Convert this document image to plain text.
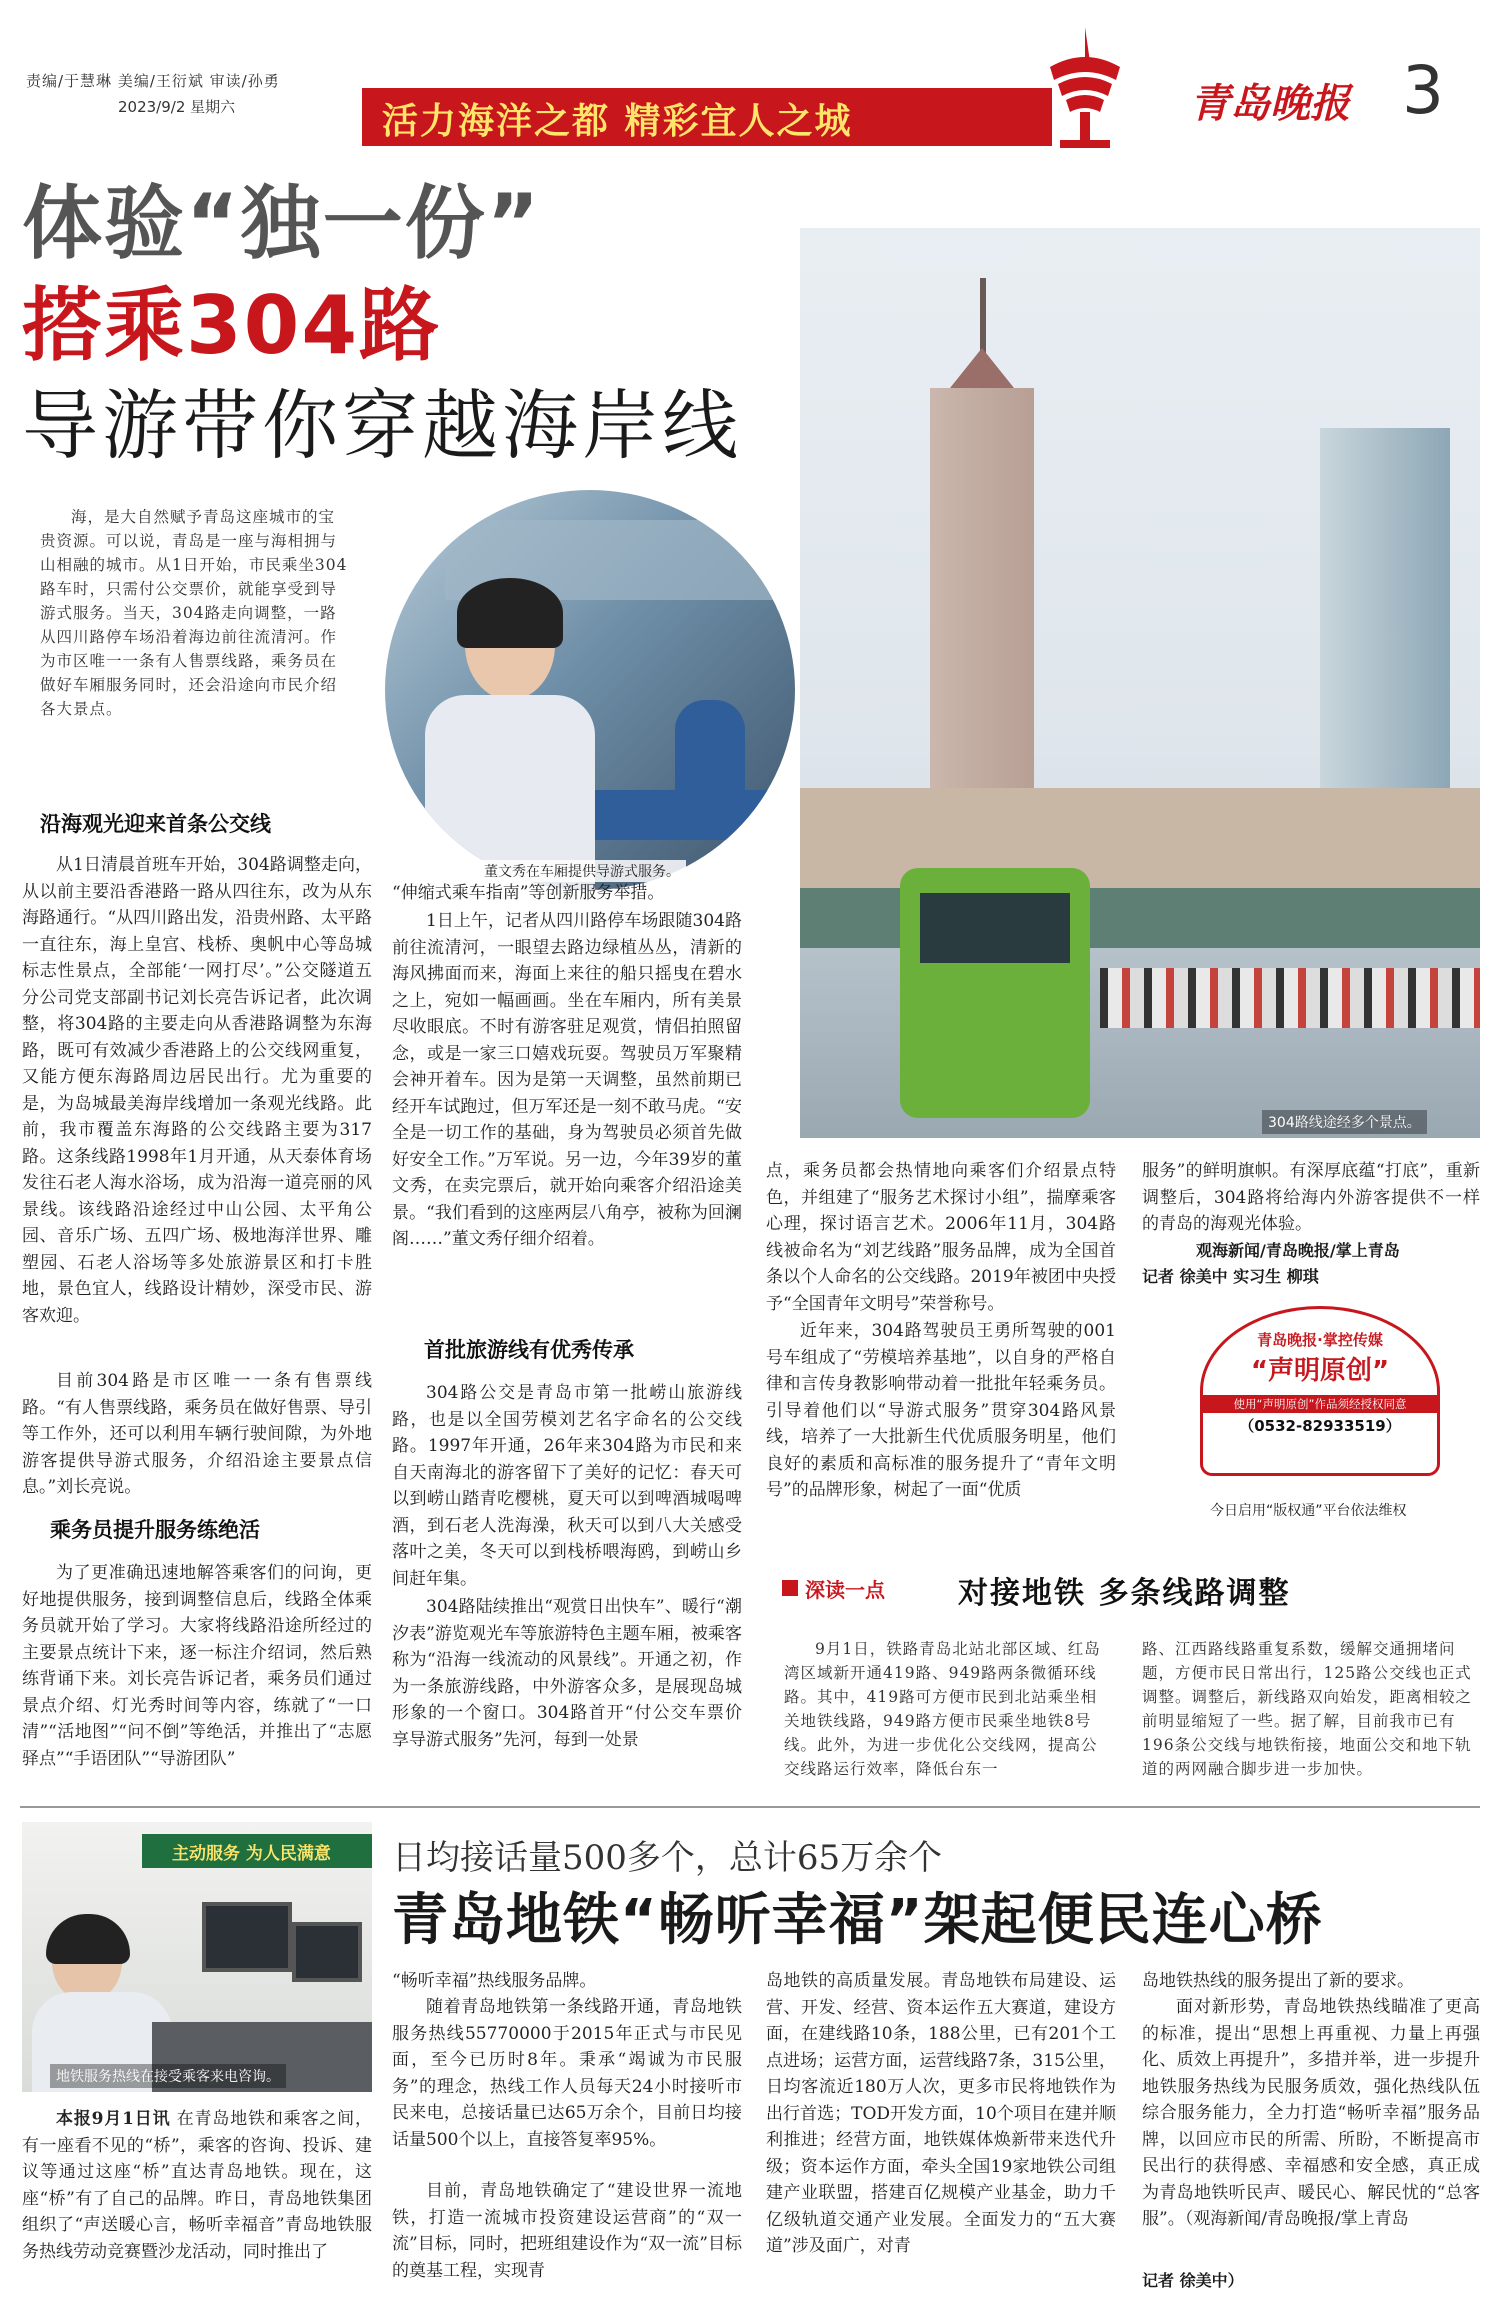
责编/于慧琳 美编/王衍斌 审读/孙勇
2023/9/2 星期六	活力海洋之都 精彩宜人之城	青岛晚报 3
体验“独一份”
搭乘304路
导游带你穿越海岸线
海，是大自然赋予青岛这座城市的宝贵资源。可以说，青岛是一座与海相拥与山相融的城市。从1日开始，市民乘坐304路车时，只需付公交票价，就能享受到导游式服务。当天，304路走向调整，一路从四川路停车场沿着海边前往流清河。作为市区唯一一条有人售票线路，乘务员在做好车厢服务同时，还会沿途向市民介绍各大景点。
董文秀在车厢提供导游式服务。
304路线途经多个景点。
沿海观光迎来首条公交线
从1日清晨首班车开始，304路调整走向，从以前主要沿香港路一路从四往东，改为从东海路通行。“从四川路出发，沿贵州路、太平路一直往东，海上皇宫、栈桥、奥帆中心等岛城标志性景点，全部能‘一网打尽’。”公交隧道五分公司党支部副书记刘长亮告诉记者，此次调整，将304路的主要走向从香港路调整为东海路，既可有效减少香港路上的公交线网重复，又能方便东海路周边居民出行。尤为重要的是，为岛城最美海岸线增加一条观光线路。此前，我市覆盖东海路的公交线路主要为317路。这条线路1998年1月开通，从天泰体育场发往石老人海水浴场，成为沿海一道亮丽的风景线。该线路沿途经过中山公园、太平角公园、音乐广场、五四广场、极地海洋世界、雕塑园、石老人浴场等多处旅游景区和打卡胜地，景色宜人，线路设计精妙，深受市民、游客欢迎。
目前304路是市区唯一一条有售票线路。“有人售票线路，乘务员在做好售票、导引等工作外，还可以利用车辆行驶间隙，为外地游客提供导游式服务，介绍沿途主要景点信息。”刘长亮说。
乘务员提升服务练绝活
为了更准确迅速地解答乘客们的问询，更好地提供服务，接到调整信息后，线路全体乘务员就开始了学习。大家将线路沿途所经过的主要景点统计下来，逐一标注介绍词，然后熟练背诵下来。刘长亮告诉记者，乘务员们通过景点介绍、灯光秀时间等内容，练就了“一口清”“活地图”“问不倒”等绝活，并推出了“志愿驿点”“手语团队”“导游团队”
“伸缩式乘车指南”等创新服务举措。
1日上午，记者从四川路停车场跟随304路前往流清河，一眼望去路边绿植丛丛，清新的海风拂面而来，海面上来往的船只摇曳在碧水之上，宛如一幅画画。坐在车厢内，所有美景尽收眼底。不时有游客驻足观赏，情侣拍照留念，或是一家三口嬉戏玩耍。驾驶员万军聚精会神开着车。因为是第一天调整，虽然前期已经开车试跑过，但万军还是一刻不敢马虎。“安全是一切工作的基础，身为驾驶员必须首先做好安全工作。”万军说。另一边，今年39岁的董文秀，在卖完票后，就开始向乘客介绍沿途美景。“我们看到的这座两层八角亭，被称为回澜阁……”董文秀仔细介绍着。
首批旅游线有优秀传承
304路公交是青岛市第一批崂山旅游线路，也是以全国劳模刘艺名字命名的公交线路。1997年开通，26年来304路为市民和来自天南海北的游客留下了美好的记忆：春天可以到崂山踏青吃樱桃，夏天可以到啤酒城喝啤酒，到石老人洗海澡，秋天可以到八大关感受落叶之美，冬天可以到栈桥喂海鸥，到崂山乡间赶年集。
304路陆续推出“观赏日出快车”、暖行“潮汐表”游览观光车等旅游特色主题车厢，被乘客称为“沿海一线流动的风景线”。开通之初，作为一条旅游线路，中外游客众多，是展现岛城形象的一个窗口。304路首开“付公交车票价 享导游式服务”先河，每到一处景
点，乘务员都会热情地向乘客们介绍景点特色，并组建了“服务艺术探讨小组”，揣摩乘客心理，探讨语言艺术。2006年11月，304路线被命名为“刘艺线路”服务品牌，成为全国首条以个人命名的公交线路。2019年被团中央授予“全国青年文明号”荣誉称号。
近年来，304路驾驶员王勇所驾驶的001号车组成了“劳模培养基地”，以自身的严格自律和言传身教影响带动着一批批年轻乘务员。引导着他们以“导游式服务”贯穿304路风景线，培养了一大批新生代优质服务明星，他们良好的素质和高标准的服务提升了“青年文明号”的品牌形象，树起了一面“优质
服务”的鲜明旗帜。有深厚底蕴“打底”，重新调整后，304路将给海内外游客提供不一样的青岛的海观光体验。
观海新闻/青岛晚报/掌上青岛
记者 徐美中 实习生 柳琪
青岛晚报·掌控传媒
“声明原创”
使用“声明原创”作品须经授权同意
（0532-82933519）
今日启用“版权通”平台依法维权
深读一点 对接地铁 多条线路调整
9月1日，铁路青岛北站北部区域、红岛湾区域新开通419路、949路两条微循环线路。其中，419路可方便市民到北站乘坐相关地铁线路，949路方便市民乘坐地铁8号线。此外，为进一步优化公交线网，提高公交线路运行效率，降低台东一
路、江西路线路重复系数，缓解交通拥堵问题，方便市民日常出行，125路公交线也正式调整。调整后，新线路双向始发，距离相较之前明显缩短了一些。据了解，目前我市已有196条公交线与地铁衔接，地面公交和地下轨道的两网融合脚步进一步加快。
主动服务 为人民满意
地铁服务热线在接受乘客来电咨询。
日均接话量500多个，总计65万余个
青岛地铁“畅听幸福”架起便民连心桥
本报9月1日讯 在青岛地铁和乘客之间，有一座看不见的“桥”，乘客的咨询、投诉、建议等通过这座“桥”直达青岛地铁。现在，这座“桥”有了自己的品牌。昨日，青岛地铁集团组织了“声送暖心言，畅听幸福音”青岛地铁服务热线劳动竞赛暨沙龙活动，同时推出了
“畅听幸福”热线服务品牌。
随着青岛地铁第一条线路开通，青岛地铁服务热线55770000于2015年正式与市民见面，至今已历时8年。秉承“竭诚为市民服务”的理念，热线工作人员每天24小时接听市民来电，总接话量已达65万余个，目前日均接话量500个以上，直接答复率95%。
目前，青岛地铁确定了“建设世界一流地铁，打造一流城市投资建设运营商”的“双一流”目标，同时，把班组建设作为“双一流”目标的奠基工程，实现青
岛地铁的高质量发展。青岛地铁布局建设、运营、开发、经营、资本运作五大赛道，建设方面，在建线路10条，188公里，已有201个工点进场；运营方面，运营线路7条，315公里，日均客流近180万人次，更多市民将地铁作为出行首选；TOD开发方面，10个项目在建并顺利推进；经营方面，地铁媒体焕新带来迭代升级；资本运作方面，牵头全国19家地铁公司组建产业联盟，搭建百亿规模产业基金，助力千亿级轨道交通产业发展。全面发力的“五大赛道”涉及面广，对青
岛地铁热线的服务提出了新的要求。
面对新形势，青岛地铁热线瞄准了更高的标准，提出“思想上再重视、力量上再强化、质效上再提升”，多措并举，进一步提升地铁服务热线为民服务质效，强化热线队伍综合服务能力，全力打造“畅听幸福”服务品牌，以回应市民的所需、所盼，不断提高市民出行的获得感、幸福感和安全感，真正成为青岛地铁听民声、暖民心、解民忧的“总客服”。（观海新闻/青岛晚报/掌上青岛
记者 徐美中）
